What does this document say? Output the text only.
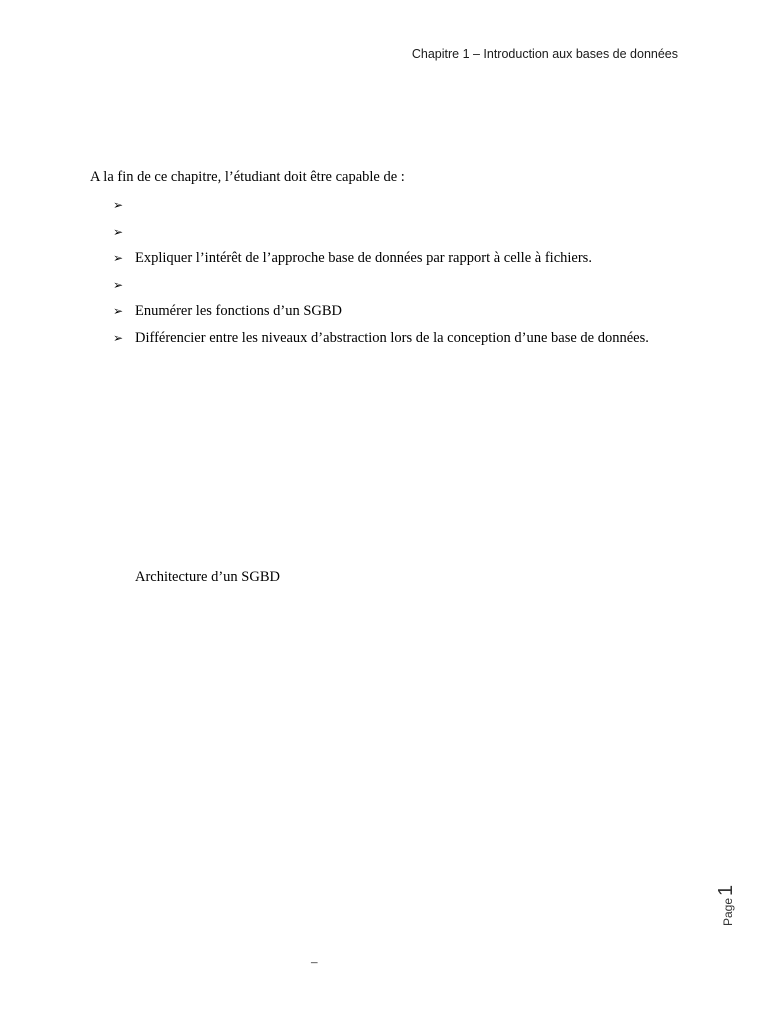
Chapitre 1 – Introduction aux bases de données
A la fin de ce chapitre, l’étudiant doit être capable de :
➢
➢
➢ Expliquer l’intérêt de l’approche base de données par rapport à celle à fichiers.
➢
➢ Enumérer les fonctions d’un SGBD
➢ Différencier entre les niveaux d’abstraction lors de la conception d’une base de données.
Architecture d’un SGBD
Page1
–
